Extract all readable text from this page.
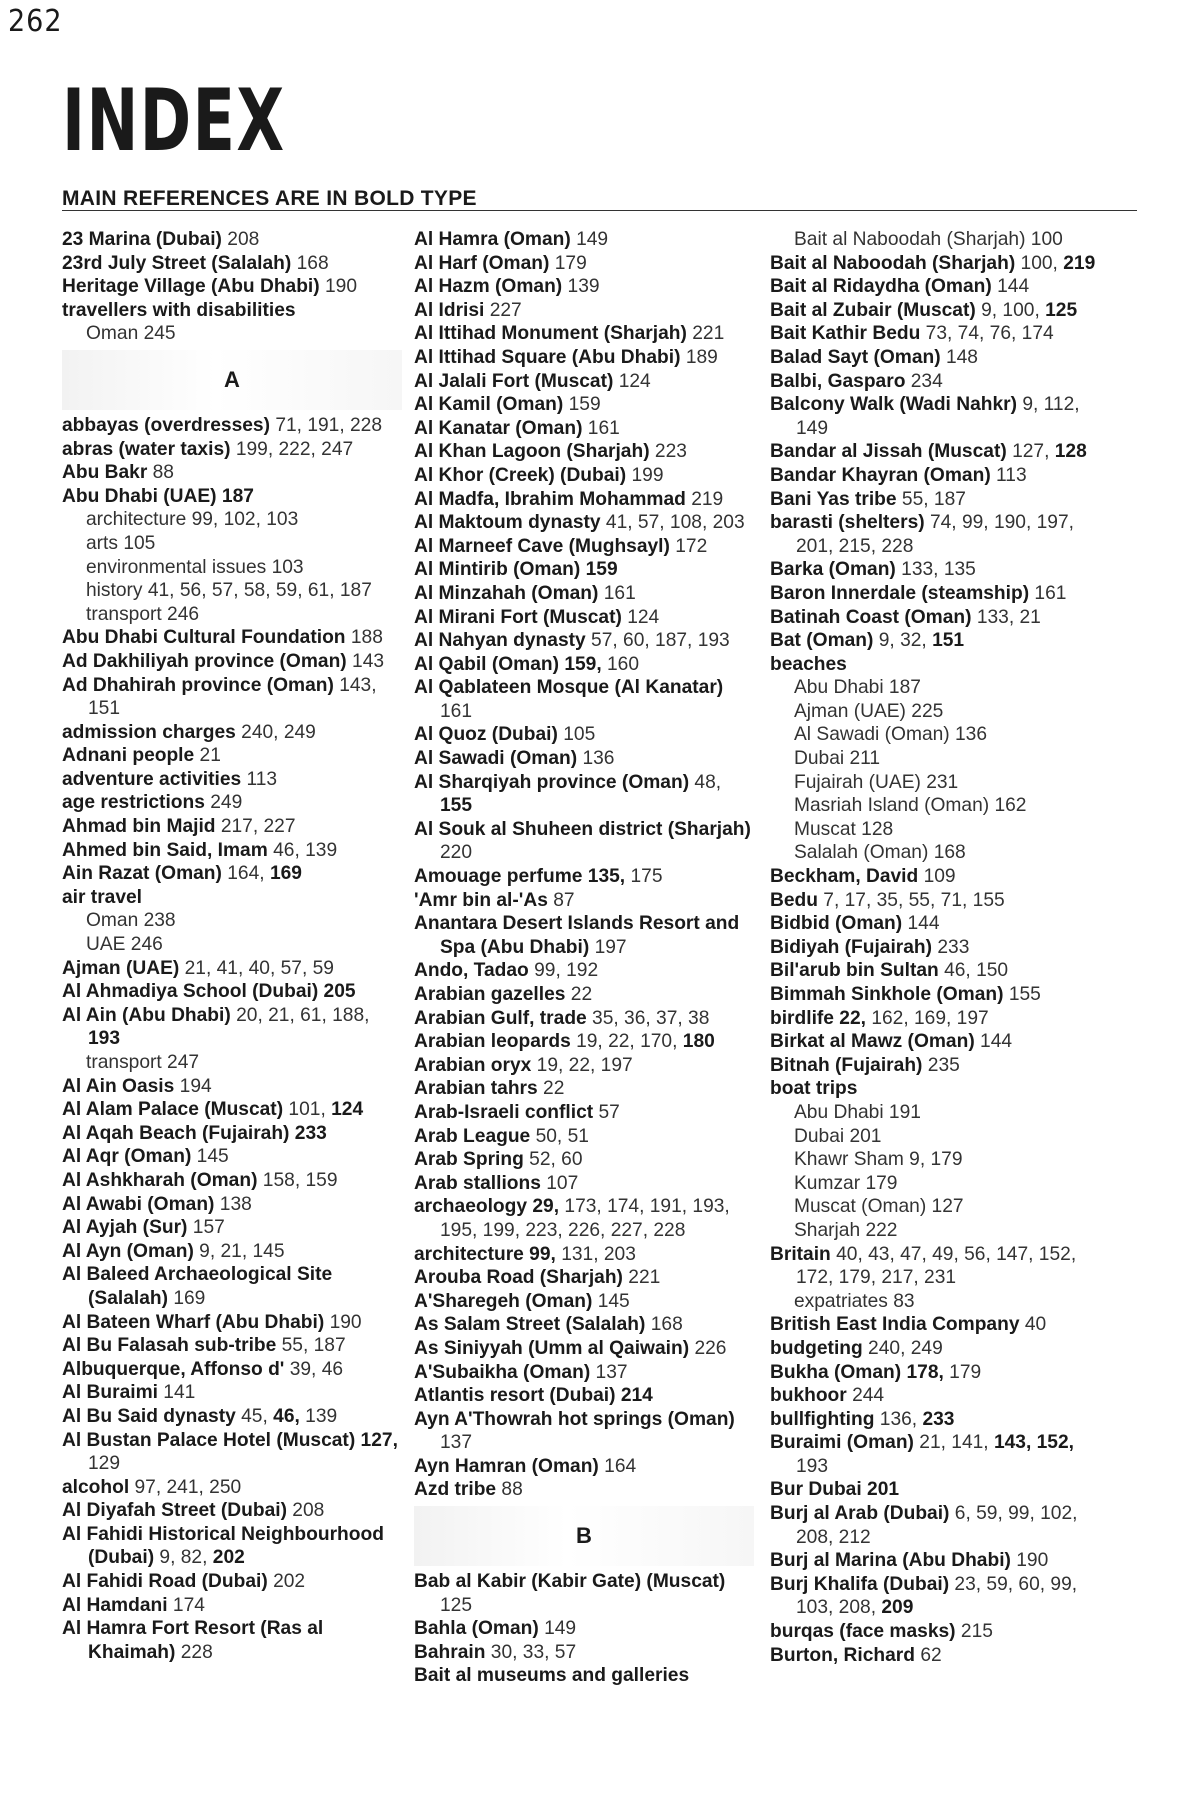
262
INDEX
MAIN REFERENCES ARE IN BOLD TYPE
23 Marina (Dubai) 208
23rd July Street (Salalah) 168
Heritage Village (Abu Dhabi) 190
travellers with disabilities
Oman 245
A
abbayas (overdresses) 71, 191, 228
abras (water taxis) 199, 222, 247
Abu Bakr 88
Abu Dhabi (UAE) 187
architecture 99, 102, 103
arts 105
environmental issues 103
history 41, 56, 57, 58, 59, 61, 187
transport 246
Abu Dhabi Cultural Foundation 188
Ad Dakhiliyah province (Oman) 143
Ad Dhahirah province (Oman) 143, 151
admission charges 240, 249
Adnani people 21
adventure activities 113
age restrictions 249
Ahmad bin Majid 217, 227
Ahmed bin Said, Imam 46, 139
Ain Razat (Oman) 164, 169
air travel
Oman 238
UAE 246
Ajman (UAE) 21, 41, 40, 57, 59
Al Ahmadiya School (Dubai) 205
Al Ain (Abu Dhabi) 20, 21, 61, 188, 193
transport 247
Al Ain Oasis 194
Al Alam Palace (Muscat) 101, 124
Al Aqah Beach (Fujairah) 233
Al Aqr (Oman) 145
Al Ashkharah (Oman) 158, 159
Al Awabi (Oman) 138
Al Ayjah (Sur) 157
Al Ayn (Oman) 9, 21, 145
Al Baleed Archaeological Site (Salalah) 169
Al Bateen Wharf (Abu Dhabi) 190
Al Bu Falasah sub-tribe 55, 187
Albuquerque, Affonso d' 39, 46
Al Buraimi 141
Al Bu Said dynasty 45, 46, 139
Al Bustan Palace Hotel (Muscat) 127, 129
alcohol 97, 241, 250
Al Diyafah Street (Dubai) 208
Al Fahidi Historical Neighbourhood (Dubai) 9, 82, 202
Al Fahidi Road (Dubai) 202
Al Hamdani 174
Al Hamra Fort Resort (Ras al Khaimah) 228
Al Hamra (Oman) 149
Al Harf (Oman) 179
Al Hazm (Oman) 139
Al Idrisi 227
Al Ittihad Monument (Sharjah) 221
Al Ittihad Square (Abu Dhabi) 189
Al Jalali Fort (Muscat) 124
Al Kamil (Oman) 159
Al Kanatar (Oman) 161
Al Khan Lagoon (Sharjah) 223
Al Khor (Creek) (Dubai) 199
Al Madfa, Ibrahim Mohammad 219
Al Maktoum dynasty 41, 57, 108, 203
Al Marneef Cave (Mughsayl) 172
Al Mintirib (Oman) 159
Al Minzahah (Oman) 161
Al Mirani Fort (Muscat) 124
Al Nahyan dynasty 57, 60, 187, 193
Al Qabil (Oman) 159, 160
Al Qablateen Mosque (Al Kanatar) 161
Al Quoz (Dubai) 105
Al Sawadi (Oman) 136
Al Sharqiyah province (Oman) 48, 155
Al Souk al Shuheen district (Sharjah) 220
Amouage perfume 135, 175
'Amr bin al-'As 87
Anantara Desert Islands Resort and Spa (Abu Dhabi) 197
Ando, Tadao 99, 192
Arabian gazelles 22
Arabian Gulf, trade 35, 36, 37, 38
Arabian leopards 19, 22, 170, 180
Arabian oryx 19, 22, 197
Arabian tahrs 22
Arab-Israeli conflict 57
Arab League 50, 51
Arab Spring 52, 60
Arab stallions 107
archaeology 29, 173, 174, 191, 193, 195, 199, 223, 226, 227, 228
architecture 99, 131, 203
Arouba Road (Sharjah) 221
A'Sharegeh (Oman) 145
As Salam Street (Salalah) 168
As Siniyyah (Umm al Qaiwain) 226
A'Subaikha (Oman) 137
Atlantis resort (Dubai) 214
Ayn A'Thowrah hot springs (Oman) 137
Ayn Hamran (Oman) 164
Azd tribe 88
B
Bab al Kabir (Kabir Gate) (Muscat) 125
Bahla (Oman) 149
Bahrain 30, 33, 57
Bait al museums and galleries
Bait al Naboodah (Sharjah) 100
Bait al Naboodah (Sharjah) 100, 219
Bait al Ridaydha (Oman) 144
Bait al Zubair (Muscat) 9, 100, 125
Bait Kathir Bedu 73, 74, 76, 174
Balad Sayt (Oman) 148
Balbi, Gasparo 234
Balcony Walk (Wadi Nahkr) 9, 112, 149
Bandar al Jissah (Muscat) 127, 128
Bandar Khayran (Oman) 113
Bani Yas tribe 55, 187
barasti (shelters) 74, 99, 190, 197, 201, 215, 228
Barka (Oman) 133, 135
Baron Innerdale (steamship) 161
Batinah Coast (Oman) 133, 21
Bat (Oman) 9, 32, 151
beaches
Abu Dhabi 187
Ajman (UAE) 225
Al Sawadi (Oman) 136
Dubai 211
Fujairah (UAE) 231
Masriah Island (Oman) 162
Muscat 128
Salalah (Oman) 168
Beckham, David 109
Bedu 7, 17, 35, 55, 71, 155
Bidbid (Oman) 144
Bidiyah (Fujairah) 233
Bil'arub bin Sultan 46, 150
Bimmah Sinkhole (Oman) 155
birdlife 22, 162, 169, 197
Birkat al Mawz (Oman) 144
Bitnah (Fujairah) 235
boat trips
Abu Dhabi 191
Dubai 201
Khawr Sham 9, 179
Kumzar 179
Muscat (Oman) 127
Sharjah 222
Britain 40, 43, 47, 49, 56, 147, 152, 172, 179, 217, 231
expatriates 83
British East India Company 40
budgeting 240, 249
Bukha (Oman) 178, 179
bukhoor 244
bullfighting 136, 233
Buraimi (Oman) 21, 141, 143, 152, 193
Bur Dubai 201
Burj al Arab (Dubai) 6, 59, 99, 102, 208, 212
Burj al Marina (Abu Dhabi) 190
Burj Khalifa (Dubai) 23, 59, 60, 99, 103, 208, 209
burqas (face masks) 215
Burton, Richard 62
